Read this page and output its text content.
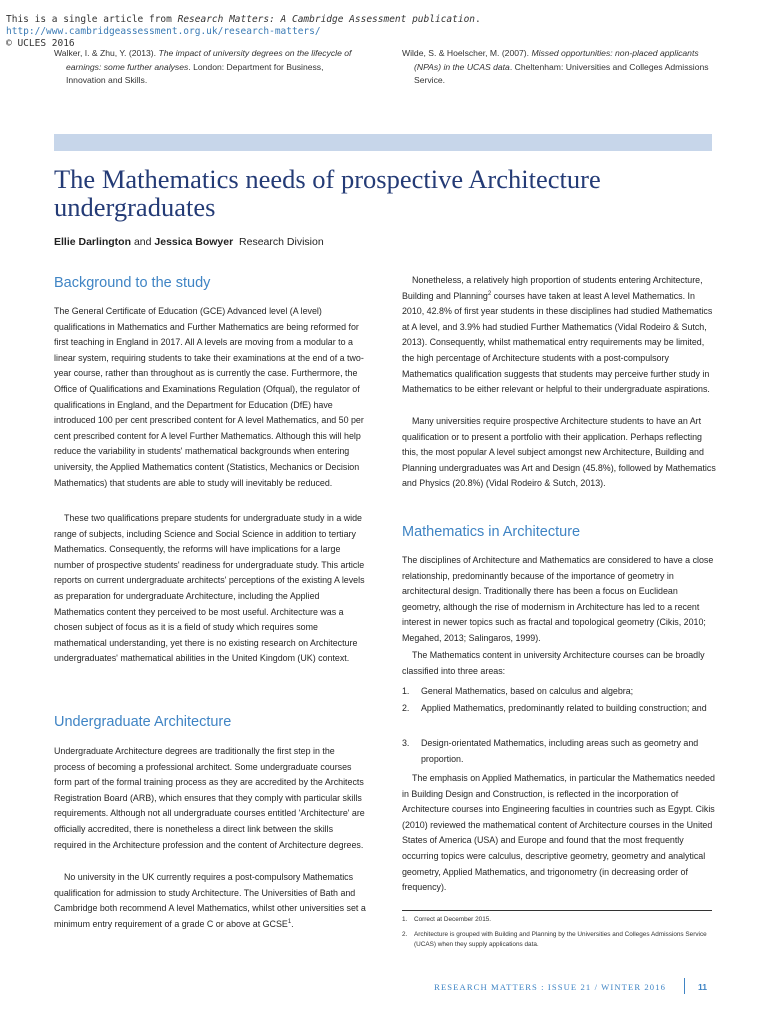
This is a single article from Research Matters: A Cambridge Assessment publication. http://www.cambridgeassessment.org.uk/research-matters/
© UCLES 2016
Walker, I. & Zhu, Y. (2013). The impact of university degrees on the lifecycle of earnings: some further analyses. London: Department for Business, Innovation and Skills.
Wilde, S. & Hoelscher, M. (2007). Missed opportunities: non-placed applicants (NPAs) in the UCAS data. Cheltenham: Universities and Colleges Admissions Service.
The Mathematics needs of prospective Architecture undergraduates
Ellie Darlington and Jessica Bowyer Research Division
Background to the study

The General Certificate of Education (GCE) Advanced level (A level) qualifications in Mathematics and Further Mathematics are being reformed for first teaching in England in 2017. All A levels are moving from a modular to a linear system, requiring students to take their examinations at the end of a two-year course, rather than throughout as is currently the case. Furthermore, the Office of Qualifications and Examinations Regulation (Ofqual), the regulator of qualifications in England, and the Department for Education (DfE) have introduced 100 per cent prescribed content for A level Mathematics, and 50 per cent prescribed content for A level Further Mathematics. Although this will help reduce the variability in students' mathematical backgrounds when entering university, the Applied Mathematics content (Statistics, Mechanics or Decision Mathematics) that students are able to study will inevitably be reduced.

These two qualifications prepare students for undergraduate study in a wide range of subjects, including Science and Social Science in addition to tertiary Mathematics. Consequently, the reforms will have implications for a large number of prospective students' readiness for undergraduate study. This article reports on current undergraduate architects' perceptions of the existing A levels as preparation for undergraduate Architecture, including the Applied Mathematics content they perceived to be most useful. Architecture was a chosen subject of focus as it is a field of study which requires some mathematical understanding, yet there is no existing research on Architecture undergraduates' mathematical abilities in the United Kingdom (UK) context.

Undergraduate Architecture

Undergraduate Architecture degrees are traditionally the first step in the process of becoming a professional architect. Some undergraduate courses form part of the formal training process as they are accredited by the Architects Registration Board (ARB), which ensures that they comply with particular skills requirements. Although not all undergraduate courses entitled 'Architecture' are officially accredited, there is nonetheless a direct link between the skills required in the Architecture profession and the content of Architecture degrees.

No university in the UK currently requires a post-compulsory Mathematics qualification for admission to study Architecture. The Universities of Bath and Cambridge both recommend A level Mathematics, whilst other universities set a minimum entry requirement of a grade C or above at GCSE$^1$.

Nonetheless, a relatively high proportion of students entering Architecture, Building and Planning$^2$ courses have taken at least A level Mathematics. In 2010, 42.8% of first year students in these disciplines had studied Mathematics at A level, and 3.9% had studied Further Mathematics (Vidal Rodeiro & Sutch, 2013). Consequently, whilst mathematical entry requirements may be limited, the high percentage of Architecture students with a post-compulsory Mathematics qualification suggests that students may perceive further study in Mathematics to be either relevant or helpful to their undergraduate aspirations.

Many universities require prospective Architecture students to have an Art qualification or to present a portfolio with their application. Perhaps reflecting this, the most popular A level subject amongst new Architecture, Building and Planning undergraduates was Art and Design (45.8%), followed by Mathematics and Physics (20.8%) (Vidal Rodeiro & Sutch, 2013).

Mathematics in Architecture

The disciplines of Architecture and Mathematics are considered to have a close relationship, predominantly because of the importance of geometry in architectural design. Traditionally there has been a focus on Euclidean geometry, although the rise of modernism in Architecture has led to a recent interest in newer topics such as fractal and topological geometry (Cikis, 2010; Megahed, 2013; Salingaros, 1999).

The Mathematics content in university Architecture courses can be broadly classified into three areas:

1.	General Mathematics, based on calculus and algebra;
2.	Applied Mathematics, predominantly related to building construction; and
3.	Design-orientated Mathematics, including areas such as geometry and proportion.

The emphasis on Applied Mathematics, in particular the Mathematics needed in Building Design and Construction, is reflected in the incorporation of Architecture courses into Engineering faculties in countries such as Egypt. Cikis (2010) reviewed the mathematical content of Architecture courses in the United States of America (USA) and Europe and found that the most frequently occurring topics were calculus, descriptive geometry, geometry and analytical geometry, Applied Mathematics, and trigonometry (in decreasing order of frequency).

1.	Correct at December 2015.
2.	Architecture is grouped with Building and Planning by the Universities and Colleges Admissions Service (UCAS) when they supply applications data.
RESEARCH MATTERS : ISSUE 21 / WINTER 2016	11
